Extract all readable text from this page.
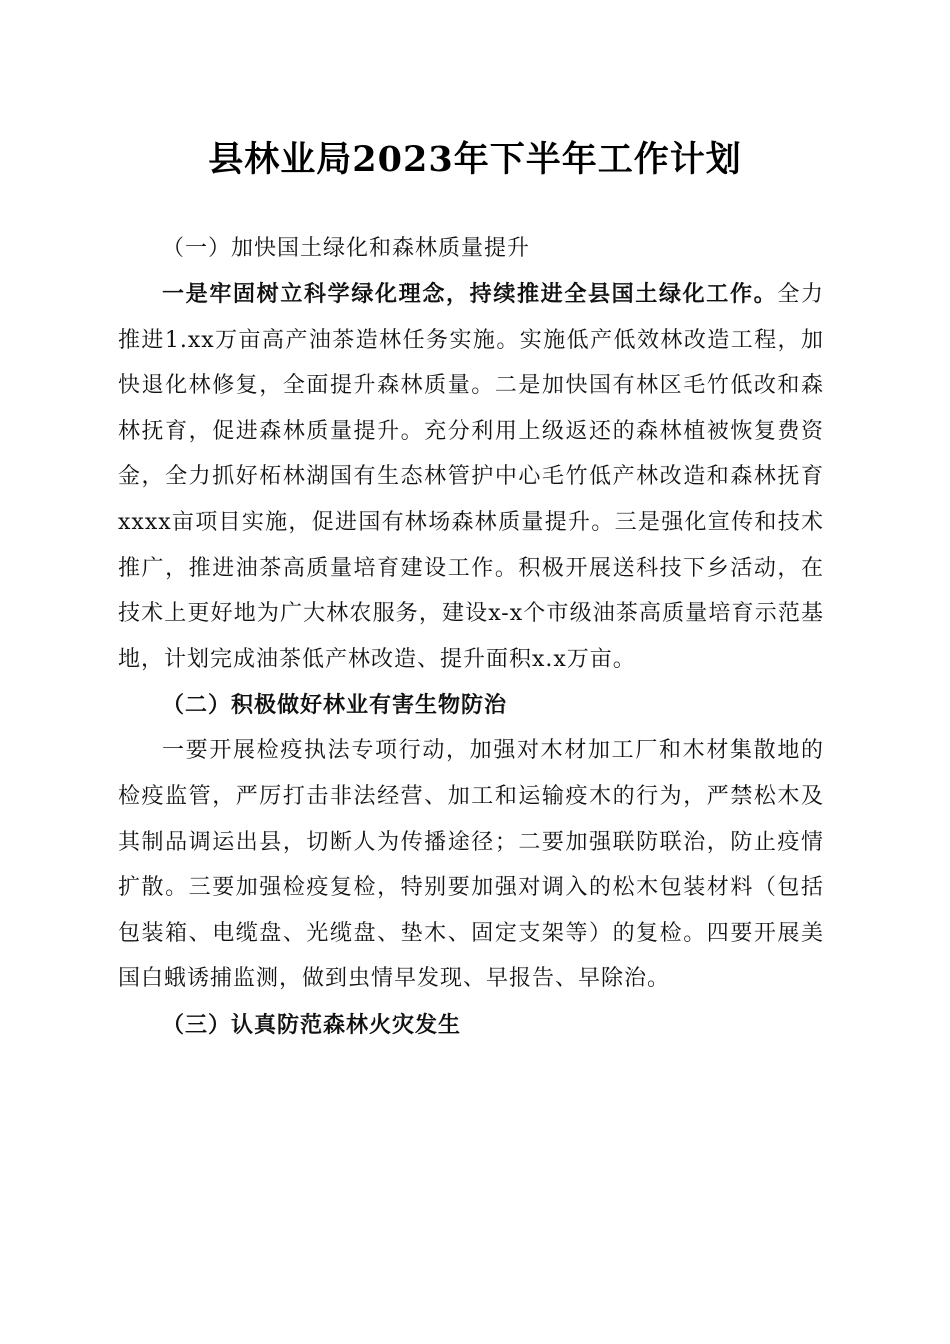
县林业局2023年下半年工作计划
（一）加快国土绿化和森林质量提升

一是牢固树立科学绿化理念，持续推进全县国土绿化工作。全力推进1.xx万亩高产油茶造林任务实施。实施低产低效林改造工程，加快退化林修复，全面提升森林质量。二是加快国有林区毛竹低改和森林抚育，促进森林质量提升。充分利用上级返还的森林植被恢复费资金，全力抓好柘林湖国有生态林管护中心毛竹低产林改造和森林抚育xxxx亩项目实施，促进国有林场森林质量提升。三是强化宣传和技术推广，推进油茶高质量培育建设工作。积极开展送科技下乡活动，在技术上更好地为广大林农服务，建设x-x个市级油茶高质量培育示范基地，计划完成油茶低产林改造、提升面积x.x万亩。

（二）积极做好林业有害生物防治

一要开展检疫执法专项行动，加强对木材加工厂和木材集散地的检疫监管，严厉打击非法经营、加工和运输疫木的行为，严禁松木及其制品调运出县，切断人为传播途径；二要加强联防联治，防止疫情扩散。三要加强检疫复检，特别要加强对调入的松木包装材料（包括包装箱、电缆盘、光缆盘、垫木、固定支架等）的复检。四要开展美国白蛾诱捕监测，做到虫情早发现、早报告、早除治。

（三）认真防范森林火灾发生
